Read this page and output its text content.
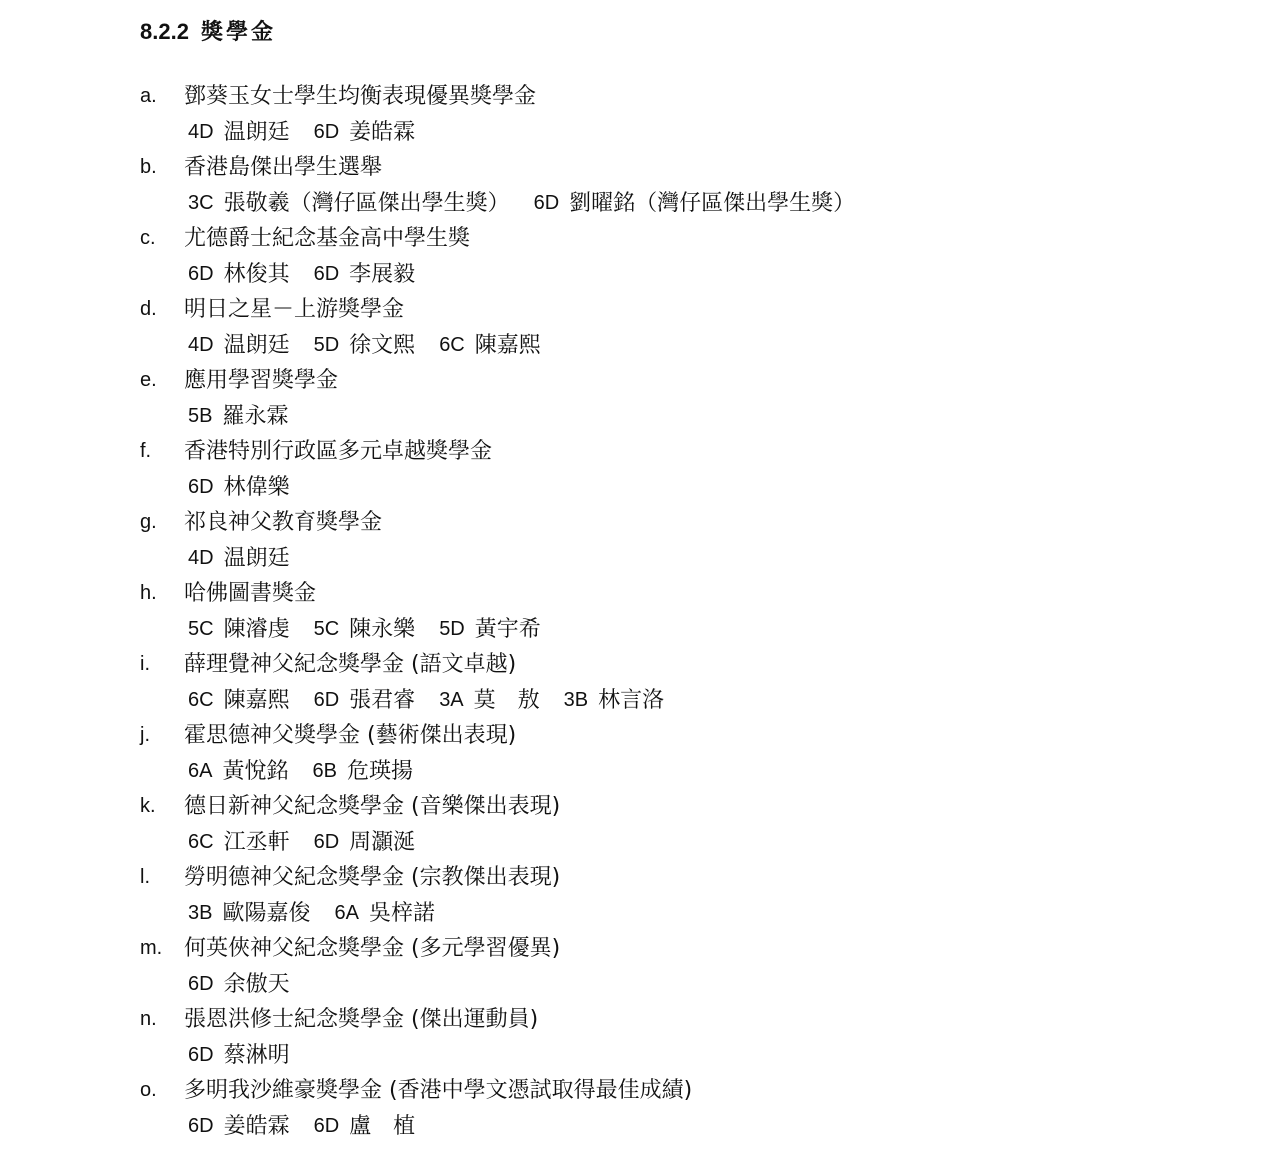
8.2.2 獎學金
a.	鄧葵玉女士學生均衡表現優異獎學金
4D 温朗廷 6D 姜皓霖
b.	香港島傑出學生選舉
3C 張敬羲（灣仔區傑出學生獎） 6D 劉曜銘（灣仔區傑出學生獎）
c.	尤德爵士紀念基金高中學生獎
6D 林俊其 6D 李展毅
d.	明日之星－上游獎學金
4D 温朗廷 5D 徐文熙 6C 陳嘉熙
e.	應用學習獎學金
5B 羅永霖
f.	香港特別行政區多元卓越獎學金
6D 林偉樂
g.	祁良神父教育獎學金
4D 温朗廷
h.	哈佛圖書獎金
5C 陳濬虔 5C 陳永樂 5D 黃宇希
i.	薛理覺神父紀念獎學金 (語文卓越)
6C 陳嘉熙 6D 張君睿 3A 莫　敖 3B 林言洛
j.	霍思德神父獎學金 (藝術傑出表現)
6A 黃悅銘 6B 危瑛揚
k.	德日新神父紀念獎學金 (音樂傑出表現)
6C 江丞軒 6D 周灝涎
l.	勞明德神父紀念獎學金 (宗教傑出表現)
3B 歐陽嘉俊 6A 吳梓諾
m. 何英俠神父紀念獎學金 (多元學習優異)
6D 余傲天
n.	張恩洪修士紀念獎學金 (傑出運動員)
6D 蔡淋明
o.	多明我沙維豪獎學金 (香港中學文憑試取得最佳成績)
6D 姜皓霖 6D 盧　植
